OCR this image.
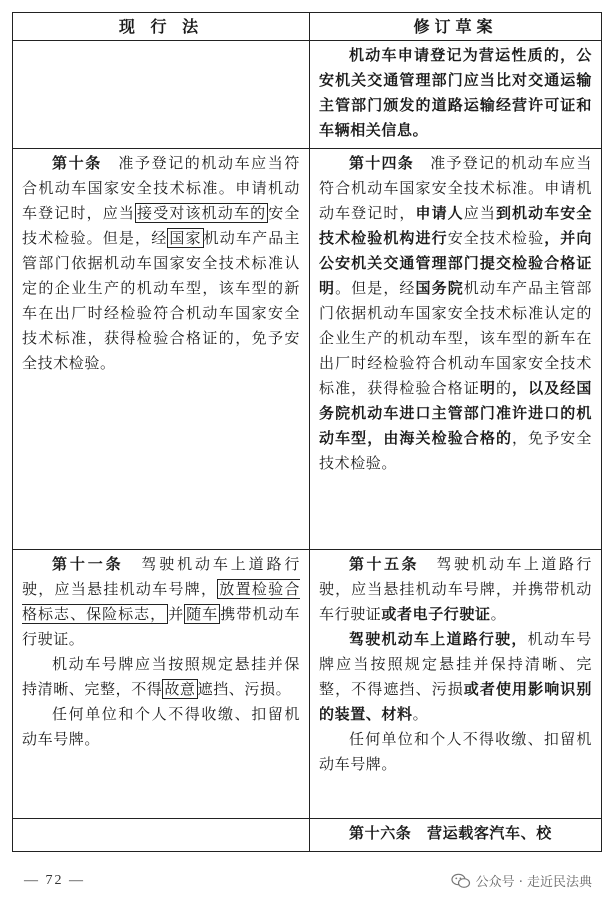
现 行 法	修订草案

机动车申请登记为营运性质的，公安机关交通管理部门应当比对交通运输主管部门颁发的道路运输经营许可证和车辆相关信息。

第十条  准予登记的机动车应当符合机动车国家安全技术标准。申请机动车登记时，应当 接受对该机动车的 安全技术检验。但是，经 国家 机动车产品主管部门依据机动车国家安全技术标准认定的企业生产的机动车型，该车型的新车在出厂时经检验符合机动车国家安全技术标准，获得检验合格证的，免予安全技术检验。

第十四条  准予登记的机动车应当符合机动车国家安全技术标准。申请机动车登记时，申请人应当到机动车安全技术检验机构进行安全技术检验，并向公安机关交通管理部门提交检验合格证明。但是，经国务院机动车产品主管部门依据机动车国家安全技术标准认定的企业生产的机动车型，该车型的新车在出厂时经检验符合机动车国家安全技术标准，获得检验合格证明的，以及经国务院机动车进口主管部门准许进口的机动车型，由海关检验合格的，免予安全技术检验。

第十一条  驾驶机动车上道路行驶，应当悬挂机动车号牌， 放置检验合格标志、保险标志， 并 随车 携带机动车行驶证。

机动车号牌应当按照规定悬挂并保持清晰、完整，不得 故意 遮挡、污损。

任何单位和个人不得收缴、扣留机动车号牌。

第十五条  驾驶机动车上道路行驶，应当悬挂机动车号牌，并携带机动车行驶证或者电子行驶证。

驾驶机动车上道路行驶，机动车号牌应当按照规定悬挂并保持清晰、完整，不得遮挡、污损或者使用影响识别的装置、材料。

任何单位和个人不得收缴、扣留机动车号牌。

第十六条  营运载客汽车、校

— 72 —	公众号 · 走近民法典
